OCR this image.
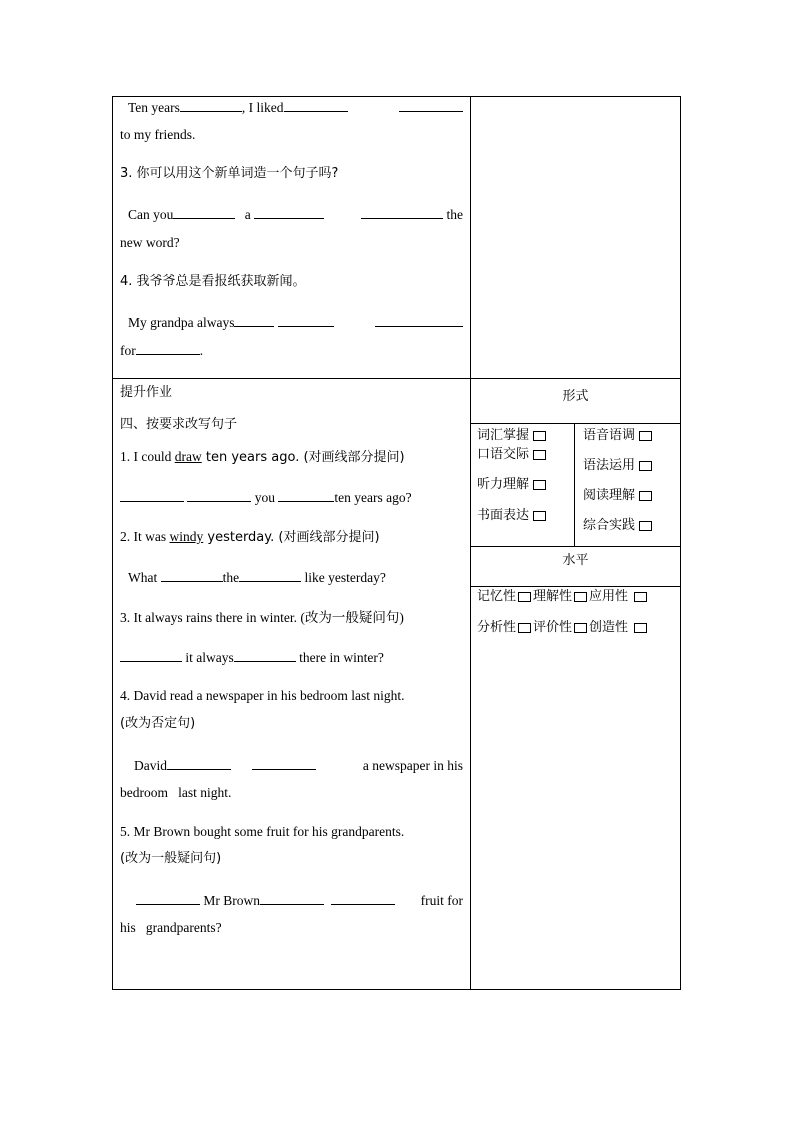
Ten years	, I liked
to my friends.
3. 你可以用这个新单词造一个句子吗?
Can you	a	the
new word?
4. 我爷爷总是看报纸获取新闻。
My grandpa always
for	.
提升作业
四、按要求改写句子
1. I could draw ten years ago. (对画线部分提问)
you	ten years ago?
2. It was windy yesterday. (对画线部分提问)
What	the	like yesterday?
3. It always rains there in winter. (改为一般疑问句)
it always	there in winter?
4. David read a newspaper in his bedroom last night.
(改为否定句)
David	a newspaper in his
bedroom   last night.
5. Mr Brown bought some fruit for his grandparents.
(改为一般疑问句)
Mr Brown	fruit for
his   grandparents?
形式
词汇掌握
口语交际
听力理解
书面表达
语音语调
语法运用
阅读理解
综合实践
水平
记忆性 理解性 应用性
分析性 评价性 创造性
